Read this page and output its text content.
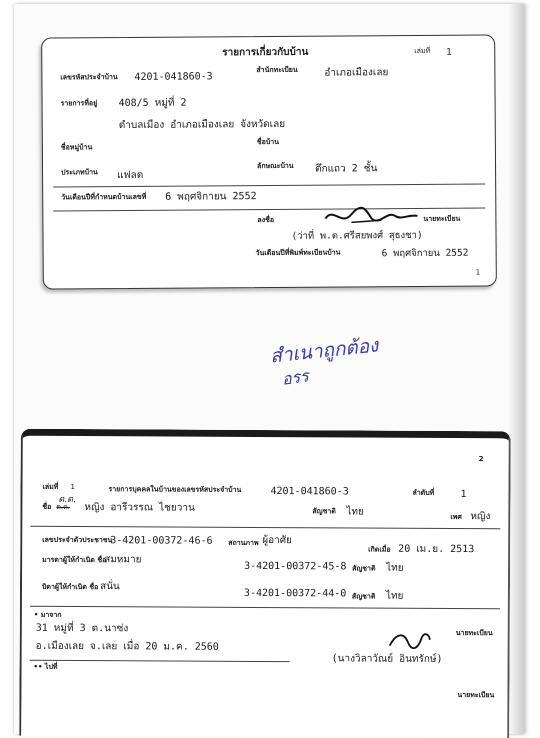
รายการเกี่ยวกับบ้าน	เล่มที่ 1
เลขรหัสประจำบ้าน 4201-041860-3
สำนักทะเบียน	อำเภอเมืองเลย
รายการที่อยู่ 408/5 หมู่ที่ 2
ตำบลเมือง อำเภอเมืองเลย จังหวัดเลย
ชื่อหมู่บ้าน
ชื่อบ้าน
ประเภทบ้าน แฟลต
ลักษณะบ้าน ตึกแถว 2 ชั้น
วันเดือนปีที่กำหนดบ้านเลขที่ 6 พฤศจิกายน 2552
ลงชื่อ	นายทะเบียน
(ว่าที่ พ.ต.ศรีสยพงศ์ สุธงชา)
วันเดือนปีที่พิมพ์ทะเบียนบ้าน	6 พฤศจิกายน 2552
1
สำเนาถูกต้อง
อรร
2
เล่มที่ 1
ด.ต.
รายการบุคคลในบ้านของเลขรหัสประจำบ้าน	4201-041860-3	ลำดับที่	1
ชื่อ ด.ต. หญิง อารีวรรณ ไชยวาน	สัญชาติ ไทย	เพศ หญิง
เลขประจำตัวประชาชน
3-4201-00372-46-6 สถานภาพ ผู้อาศัย
เกิดเมื่อ 20 เม.ย. 2513
มารดาผู้ให้กำเนิด ชื่อ
สมหมาย
3-4201-00372-45-8 สัญชาติ ไทย
บิดาผู้ให้กำเนิด ชื่อ สนั่น
3-4201-00372-44-0 สัญชาติ ไทย
• มาจาก
31 หมู่ที่ 3 ต.นาซ่ง
อ.เมืองเลย จ.เลย เมื่อ 20 ม.ค. 2560
นายทะเบียน
(นางวิลาวัณย์ อินทรักษ์)
•• ไปที่
นายทะเบียน
